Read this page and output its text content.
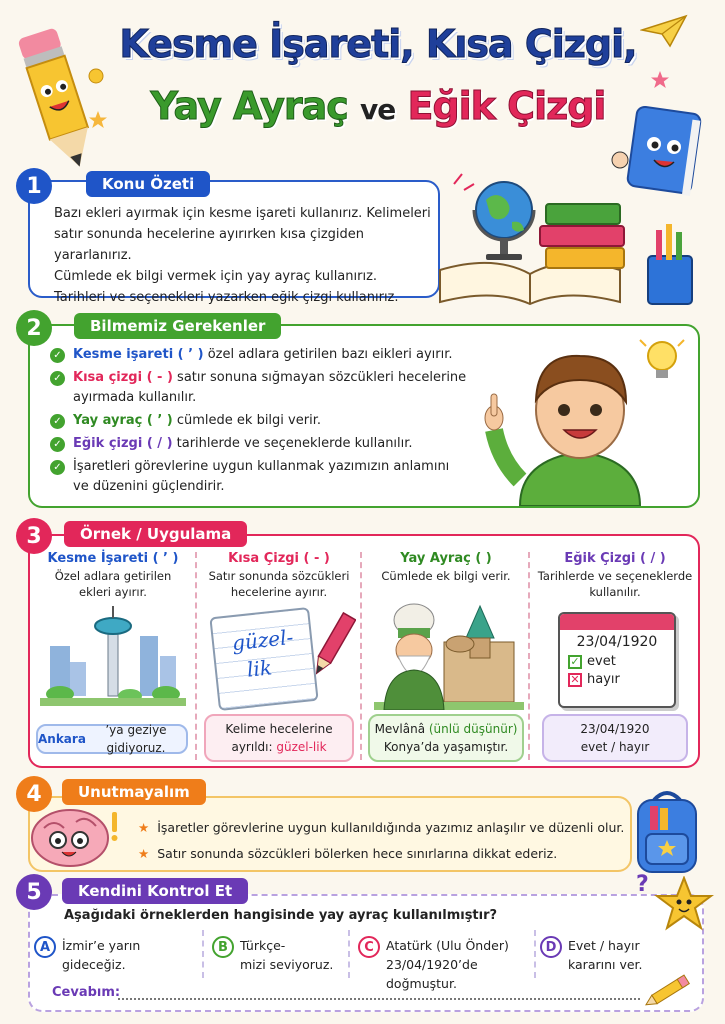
Kesme İşareti, Kısa Çizgi,
Yay Ayraç ve Eğik Çizgi
1	Konu Özeti
Bazı ekleri ayırmak için kesme işareti kullanırız. Kelimeleri
satır sonunda hecelerine ayırırken kısa çizgiden yararlanırız.
Cümlede ek bilgi vermek için yay ayraç kullanırız.
Tarihleri ve seçenekleri yazarken eğik çizgi kullanırız.
2	Bilmemiz Gerekenler
✓ Kesme işareti ( ’ ) özel adlara getirilen bazı eikleri ayırır.
✓ Kısa çizgi ( - ) satır sonuna sığmayan sözcükleri hecelerine
ayırmada kullanılır.
✓ Yay ayraç ( ’ ) cümlede ek bilgi verir.
✓ Eğik çizgi ( / ) tarihlerde ve seçeneklerde kullanılır.
✓ İşaretleri görevlerine uygun kullanmak yazımızın anlamını
ve düzenini güçlendirir.
3	Örnek / Uygulama
Kesme İşareti ( ’ )
Özel adlara getirilen
ekleri ayırır.
Ankara
’ya geziye gidiyoruz.
Kısa Çizgi ( - )
Satır sonunda sözcükleri
hecelerine ayırır.
güzel-
lik
Kelime hecelerine
ayrıldı: güzel-lik
Yay Ayraç ( )
Cümlede ek bilgi verir.
Mevlânâ (ünlü düşünür)
Konya’da yaşamıştır.
Eğik Çizgi ( / )
Tarihlerde ve seçeneklerde
kullanılır.
23/04/1920
✓ evet
✕ hayır
23/04/1920
evet / hayır
4	Unutmayalım
★ İşaretler görevlerine uygun kullanıldığında yazımız anlaşılır ve düzenli olur.
★ Satır sonunda sözcükleri bölerken hece sınırlarına dikkat ederiz.
5	Kendini Kontrol Et	?
Aşağıdaki örneklerden hangisinde yay ayraç kullanılmıştır?
A İzmir’e yarın gideceğiz.
B Türkçe-
mizi seviyoruz.
C Atatürk (Ulu Önder)
23/04/1920’de doğmuştur.
D Evet / hayır
kararını ver.
Cevabım:
